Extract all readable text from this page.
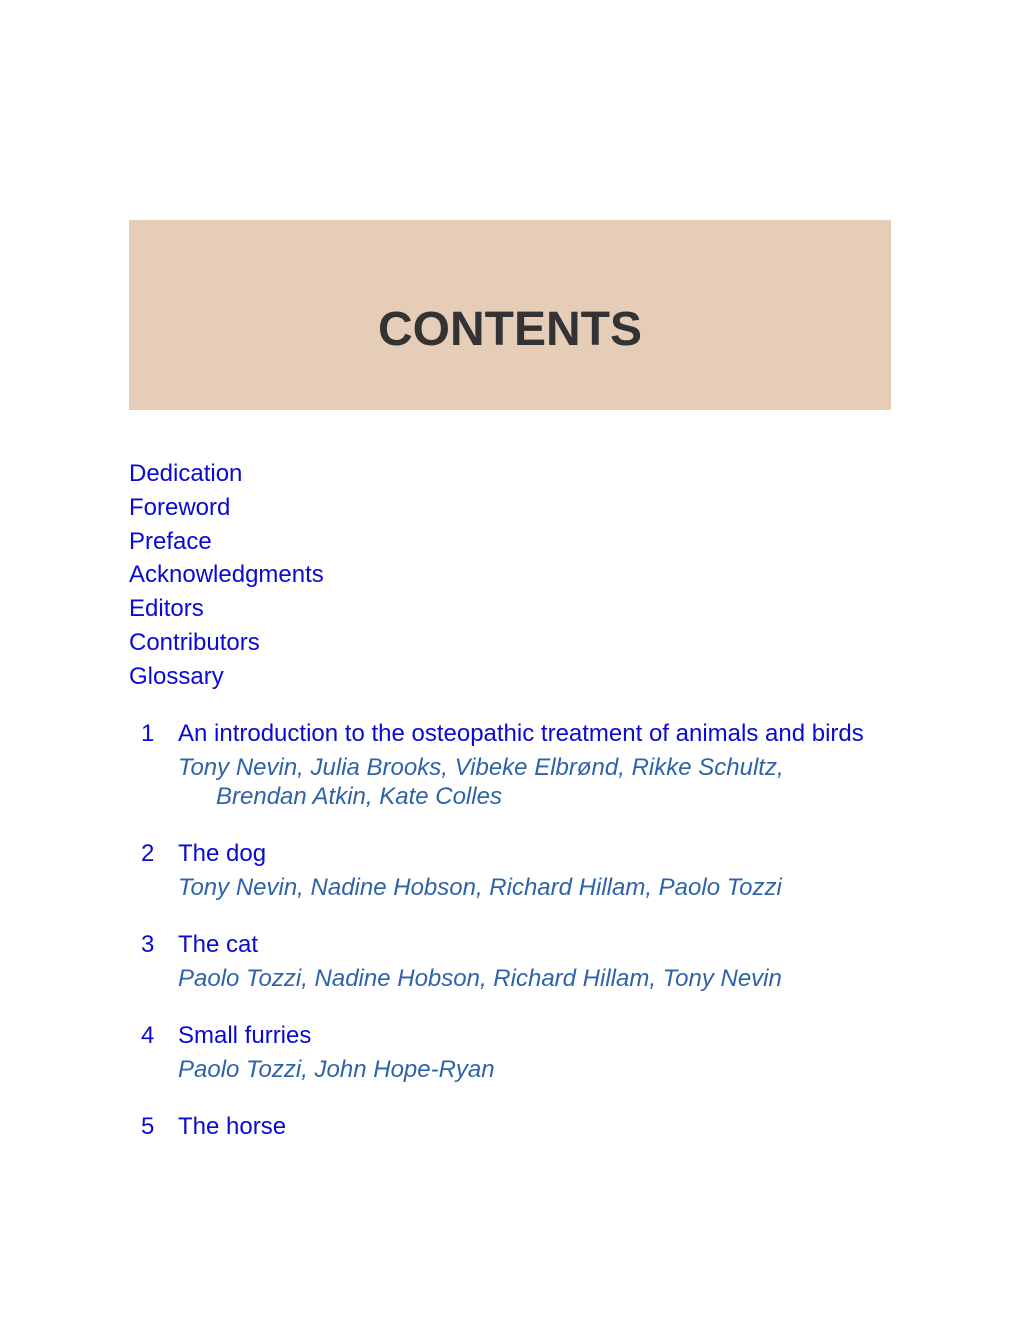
CONTENTS
Dedication
Foreword
Preface
Acknowledgments
Editors
Contributors
Glossary
1 An introduction to the osteopathic treatment of animals and birds
Tony Nevin, Julia Brooks, Vibeke Elbrønd, Rikke Schultz, Brendan Atkin, Kate Colles
2 The dog
Tony Nevin, Nadine Hobson, Richard Hillam, Paolo Tozzi
3 The cat
Paolo Tozzi, Nadine Hobson, Richard Hillam, Tony Nevin
4 Small furries
Paolo Tozzi, John Hope-Ryan
5 The horse
